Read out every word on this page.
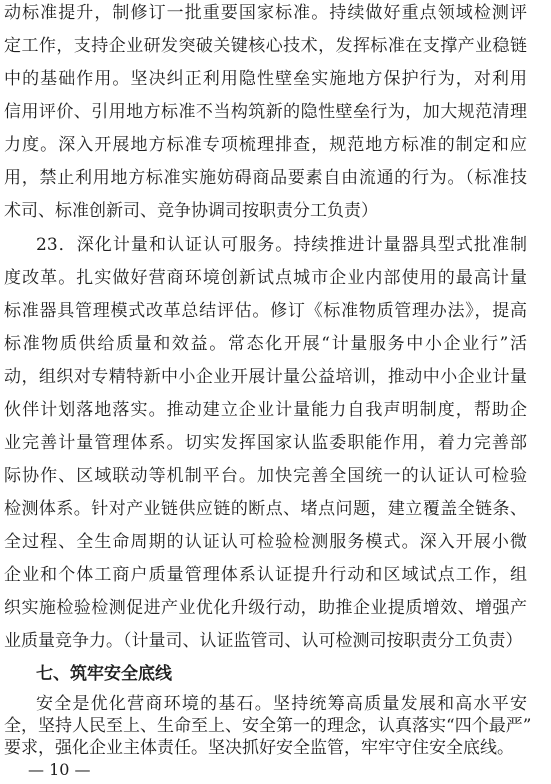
动标准提升，制修订一批重要国家标准。持续做好重点领域检测评
定工作，支持企业研发突破关键核心技术，发挥标准在支撑产业稳链
中的基础作用。坚决纠正利用隐性壁垒实施地方保护行为，对利用
信用评价、引用地方标准不当构筑新的隐性壁垒行为，加大规范清理
力度。深入开展地方标准专项梳理排查，规范地方标准的制定和应
用，禁止利用地方标准实施妨碍商品要素自由流通的行为。（标准技
术司、标准创新司、竞争协调司按职责分工负责）
23．深化计量和认证认可服务。持续推进计量器具型式批准制
度改革。扎实做好营商环境创新试点城市企业内部使用的最高计量
标准器具管理模式改革总结评估。修订《标准物质管理办法》，提高
标准物质供给质量和效益。常态化开展“计量服务中小企业行”活
动，组织对专精特新中小企业开展计量公益培训，推动中小企业计量
伙伴计划落地落实。推动建立企业计量能力自我声明制度，帮助企
业完善计量管理体系。切实发挥国家认监委职能作用，着力完善部
际协作、区域联动等机制平台。加快完善全国统一的认证认可检验
检测体系。针对产业链供应链的断点、堵点问题，建立覆盖全链条、
全过程、全生命周期的认证认可检验检测服务模式。深入开展小微
企业和个体工商户质量管理体系认证提升行动和区域试点工作，组
织实施检验检测促进产业优化升级行动，助推企业提质增效、增强产
业质量竞争力。（计量司、认证监管司、认可检测司按职责分工负责）
七、筑牢安全底线
安全是优化营商环境的基石。坚持统筹高质量发展和高水平安
全，坚持人民至上、生命至上、安全第一的理念，认真落实“四个最严”
要求，强化企业主体责任。坚决抓好安全监管，牢牢守住安全底线。
— 10 —
